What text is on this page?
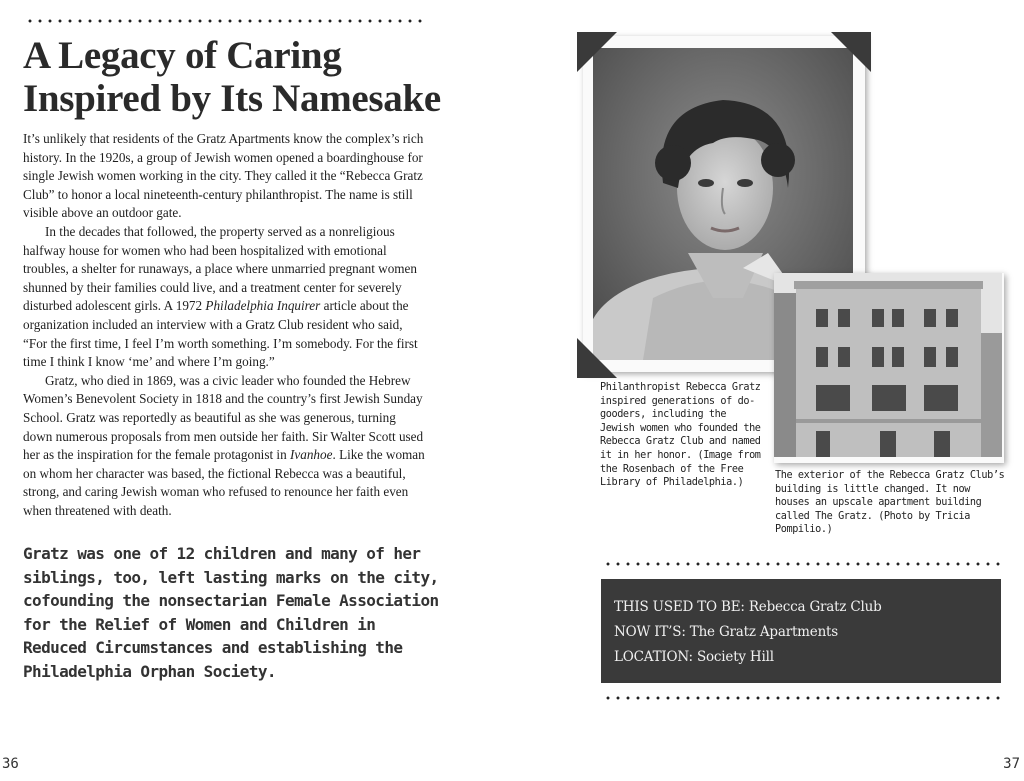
A Legacy of Caring
Inspired by Its Namesake

It’s unlikely that residents of the Gratz Apartments know the complex’s rich history. In the 1920s, a group of Jewish women opened a boardinghouse for single Jewish women working in the city. They called it the “Rebecca Gratz Club” to honor a local nineteenth-century philanthropist. The name is still visible above an outdoor gate.

In the decades that followed, the property served as a nonreligious halfway house for women who had been hospitalized with emotional troubles, a shelter for runaways, a place where unmarried pregnant women shunned by their families could live, and a treatment center for severely disturbed adolescent girls. A 1972 Philadelphia Inquirer article about the organization included an interview with a Gratz Club resident who said, “For the first time, I feel I’m worth something. I’m somebody. For the first time I think I know ‘me’ and where I’m going.”

Gratz, who died in 1869, was a civic leader who founded the Hebrew Women’s Benevolent Society in 1818 and the country’s first Jewish Sunday School. Gratz was reportedly as beautiful as she was generous, turning down numerous proposals from men outside her faith. Sir Walter Scott used her as the inspiration for the female protagonist in Ivanhoe. Like the woman on whom her character was based, the fictional Rebecca was a beautiful, strong, and caring Jewish woman who refused to renounce her faith even when threatened with death.

Gratz was one of 12 children and many of her siblings, too, left lasting marks on the city, cofounding the nonsectarian Female Association for the Relief of Women and Children in Reduced Circumstances and establishing the Philadelphia Orphan Society.
36
Philanthropist Rebecca Gratz inspired generations of do-gooders, including the Jewish women who founded the Rebecca Gratz Club and named it in her honor. (Image from the Rosenbach of the Free Library of Philadelphia.)
The exterior of the Rebecca Gratz Club’s building is little changed. It now houses an upscale apartment building called The Gratz. (Photo by Tricia Pompilio.)
THIS USED TO BE: Rebecca Gratz Club
NOW IT’S: The Gratz Apartments
LOCATION: Society Hill
37
